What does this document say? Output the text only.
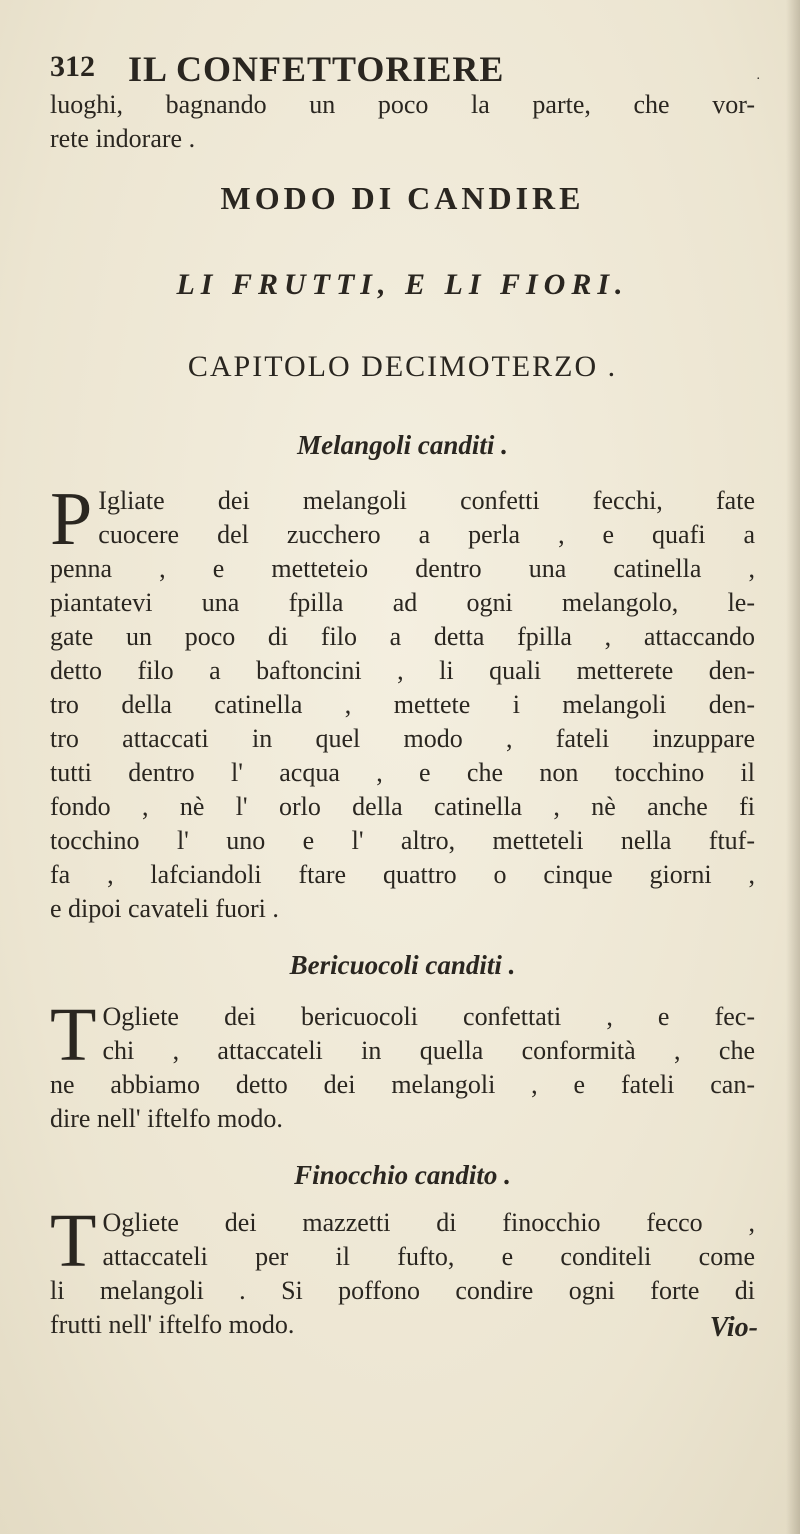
312 IL CONFETTORIERE	.
luoghi, bagnando un poco la parte, che vor-
rete indorare .
MODO DI CANDIRE
LI FRUTTI, E LI FIORI.
CAPITOLO DECIMOTERZO .
Melangoli canditi .
P Igliate dei melangoli confetti fecchi, fate
cuocere del zucchero a perla , e quafi a
penna , e metteteio dentro una catinella ,
piantatevi una fpilla ad ogni melangolo, le-
gate un poco di filo a detta fpilla , attaccando
detto filo a baftoncini , li quali metterete den-
tro della catinella , mettete i melangoli den-
tro attaccati in quel modo , fateli inzuppare
tutti dentro l' acqua , e che non tocchino il
fondo , nè l' orlo della catinella , nè anche fi
tocchino l' uno e l' altro, metteteli nella ftuf-
fa , lafciandoli ftare quattro o cinque giorni ,
e dipoi cavateli fuori .
Bericuocoli canditi .
T Ogliete dei bericuocoli confettati , e fec-
chi , attaccateli in quella conformità , che
ne abbiamo detto dei melangoli , e fateli can-
dire nell' iftelfo modo.
Finocchio candito .
T Ogliete dei mazzetti di finocchio fecco ,
attaccateli per il fufto, e conditeli come
li melangoli . Si poffono condire ogni forte di
frutti nell' iftelfo modo.	Vio-
